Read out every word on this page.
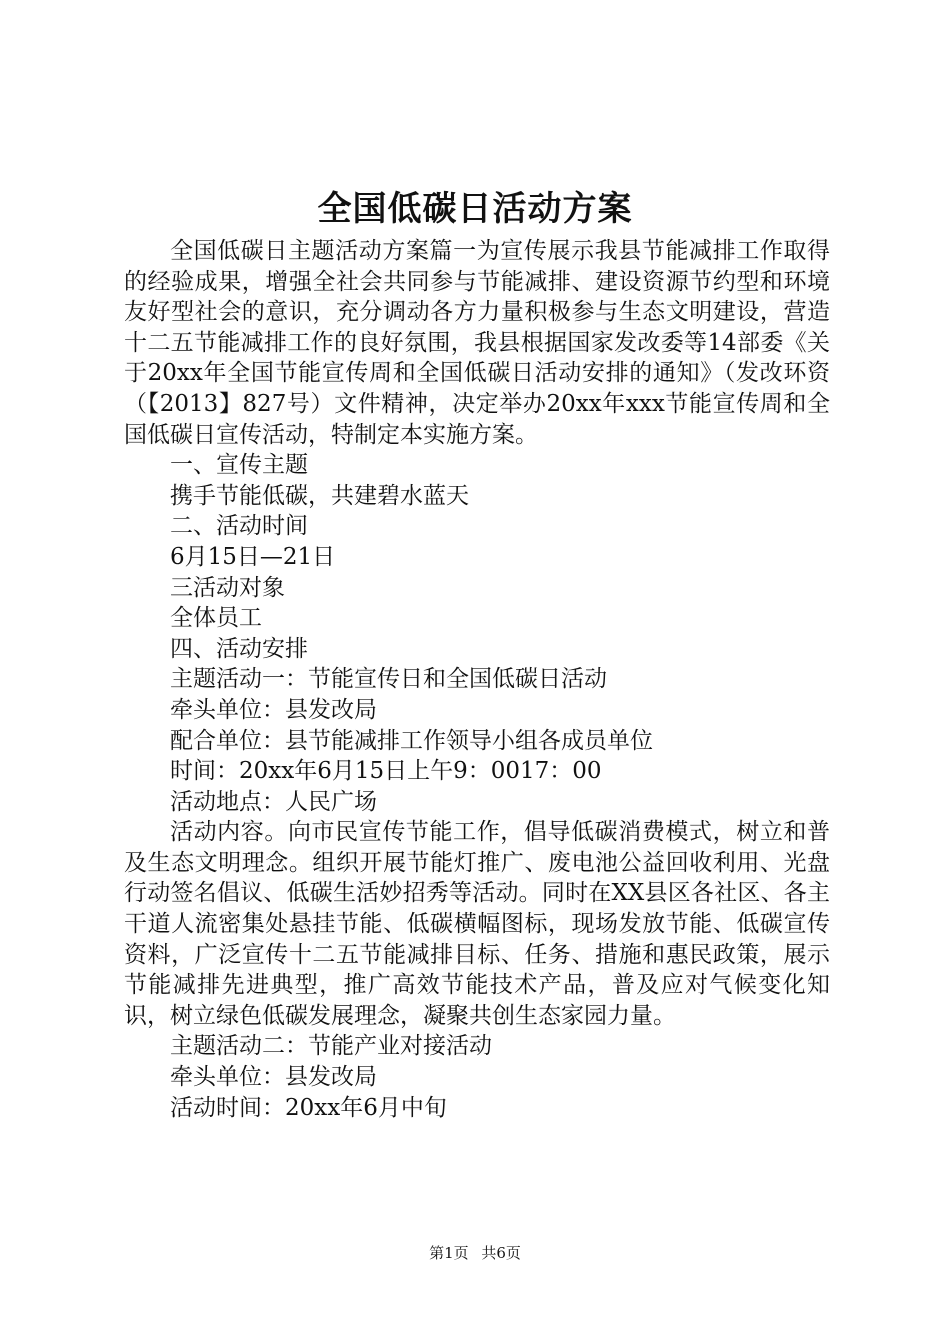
全国低碳日活动方案

全国低碳日主题活动方案篇一为宣传展示我县节能减排工作取得的经验成果，增强全社会共同参与节能减排、建设资源节约型和环境友好型社会的意识，充分调动各方力量积极参与生态文明建设，营造十二五节能减排工作的良好氛围，我县根据国家发改委等14部委《关于20xx年全国节能宣传周和全国低碳日活动安排的通知》（发改环资（【2013】827号）文件精神，决定举办20xx年xxx节能宣传周和全国低碳日宣传活动，特制定本实施方案。

一、宣传主题

携手节能低碳，共建碧水蓝天

二、活动时间

6月15日—21日

三活动对象

全体员工

四、活动安排

主题活动一：节能宣传日和全国低碳日活动

牵头单位：县发改局

配合单位：县节能减排工作领导小组各成员单位

时间：20xx年6月15日上午9：0017：00

活动地点：人民广场

活动内容。向市民宣传节能工作，倡导低碳消费模式，树立和普及生态文明理念。组织开展节能灯推广、废电池公益回收利用、光盘行动签名倡议、低碳生活妙招秀等活动。同时在XX县区各社区、各主干道人流密集处悬挂节能、低碳横幅图标，现场发放节能、低碳宣传资料，广泛宣传十二五节能减排目标、任务、措施和惠民政策，展示节能减排先进典型，推广高效节能技术产品，普及应对气候变化知识，树立绿色低碳发展理念，凝聚共创生态家园力量。

主题活动二：节能产业对接活动

牵头单位：县发改局

活动时间：20xx年6月中旬

第1页 共6页
